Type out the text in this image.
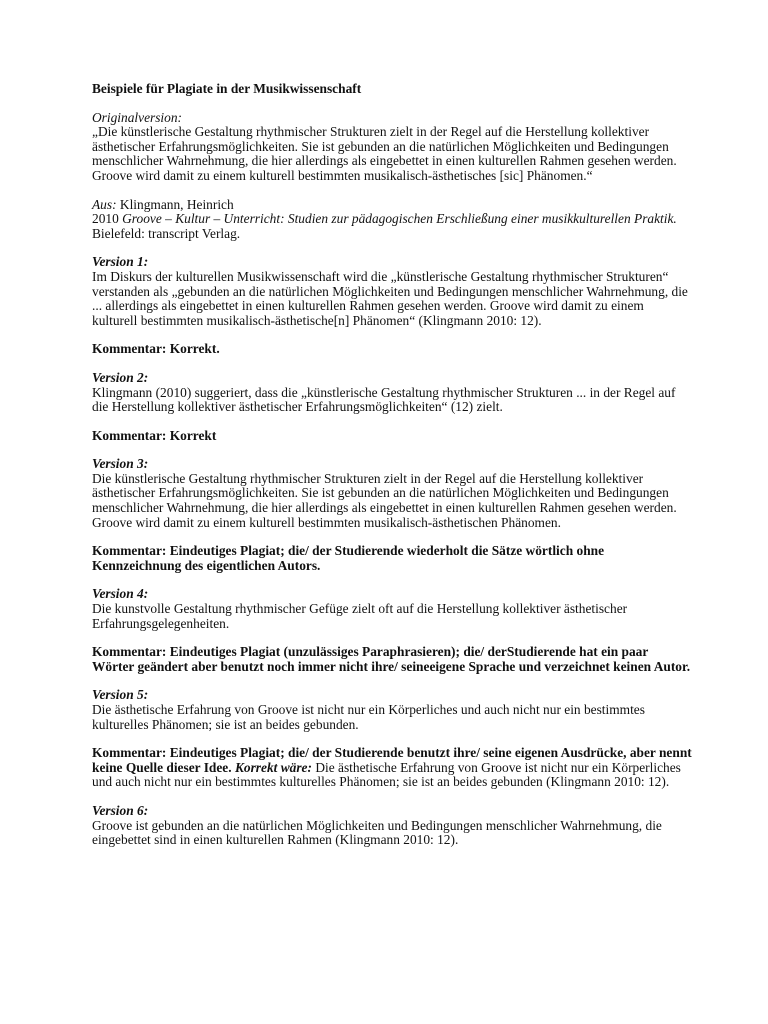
Beispiele für Plagiate in der Musikwissenschaft
Originalversion:
„Die künstlerische Gestaltung rhythmischer Strukturen zielt in der Regel auf die Herstellung kollektiver ästhetischer Erfahrungsmöglichkeiten. Sie ist gebunden an die natürlichen Möglichkeiten und Bedingungen menschlicher Wahrnehmung, die hier allerdings als eingebettet in einen kulturellen Rahmen gesehen werden. Groove wird damit zu einem kulturell bestimmten musikalisch-ästhetisches [sic] Phänomen.“
Aus: Klingmann, Heinrich
2010 Groove – Kultur – Unterricht: Studien zur pädagogischen Erschließung einer musikkulturellen Praktik. Bielefeld: transcript Verlag.
Version 1:
Im Diskurs der kulturellen Musikwissenschaft wird die „künstlerische Gestaltung rhythmischer Strukturen“ verstanden als „gebunden an die natürlichen Möglichkeiten und Bedingungen menschlicher Wahrnehmung, die ... allerdings als eingebettet in einen kulturellen Rahmen gesehen werden. Groove wird damit zu einem kulturell bestimmten musikalisch-ästhetische[n] Phänomen“ (Klingmann 2010: 12).
Kommentar: Korrekt.
Version 2:
Klingmann (2010) suggeriert, dass die „künstlerische Gestaltung rhythmischer Strukturen ... in der Regel auf die Herstellung kollektiver ästhetischer Erfahrungsmöglichkeiten“ (12) zielt.
Kommentar: Korrekt
Version 3:
Die künstlerische Gestaltung rhythmischer Strukturen zielt in der Regel auf die Herstellung kollektiver ästhetischer Erfahrungsmöglichkeiten. Sie ist gebunden an die natürlichen Möglichkeiten und Bedingungen menschlicher Wahrnehmung, die hier allerdings als eingebettet in einen kulturellen Rahmen gesehen werden. Groove wird damit zu einem kulturell bestimmten musikalisch-ästhetischen Phänomen.
Kommentar: Eindeutiges Plagiat; die/ der Studierende wiederholt die Sätze wörtlich ohne Kennzeichnung des eigentlichen Autors.
Version 4:
Die kunstvolle Gestaltung rhythmischer Gefüge zielt oft auf die Herstellung kollektiver ästhetischer Erfahrungsgelegenheiten.
Kommentar: Eindeutiges Plagiat (unzulässiges Paraphrasieren); die/ derStudierende hat ein paar Wörter geändert aber benutzt noch immer nicht ihre/ seineeigene Sprache und verzeichnet keinen Autor.
Version 5:
Die ästhetische Erfahrung von Groove ist nicht nur ein Körperliches und auch nicht nur ein bestimmtes kulturelles Phänomen; sie ist an beides gebunden.
Kommentar: Eindeutiges Plagiat; die/ der Studierende benutzt ihre/ seine eigenen Ausdrücke, aber nennt keine Quelle dieser Idee. Korrekt wäre: Die ästhetische Erfahrung von Groove ist nicht nur ein Körperliches und auch nicht nur ein bestimmtes kulturelles Phänomen; sie ist an beides gebunden (Klingmann 2010: 12).
Version 6:
Groove ist gebunden an die natürlichen Möglichkeiten und Bedingungen menschlicher Wahrnehmung, die eingebettet sind in einen kulturellen Rahmen (Klingmann 2010: 12).
